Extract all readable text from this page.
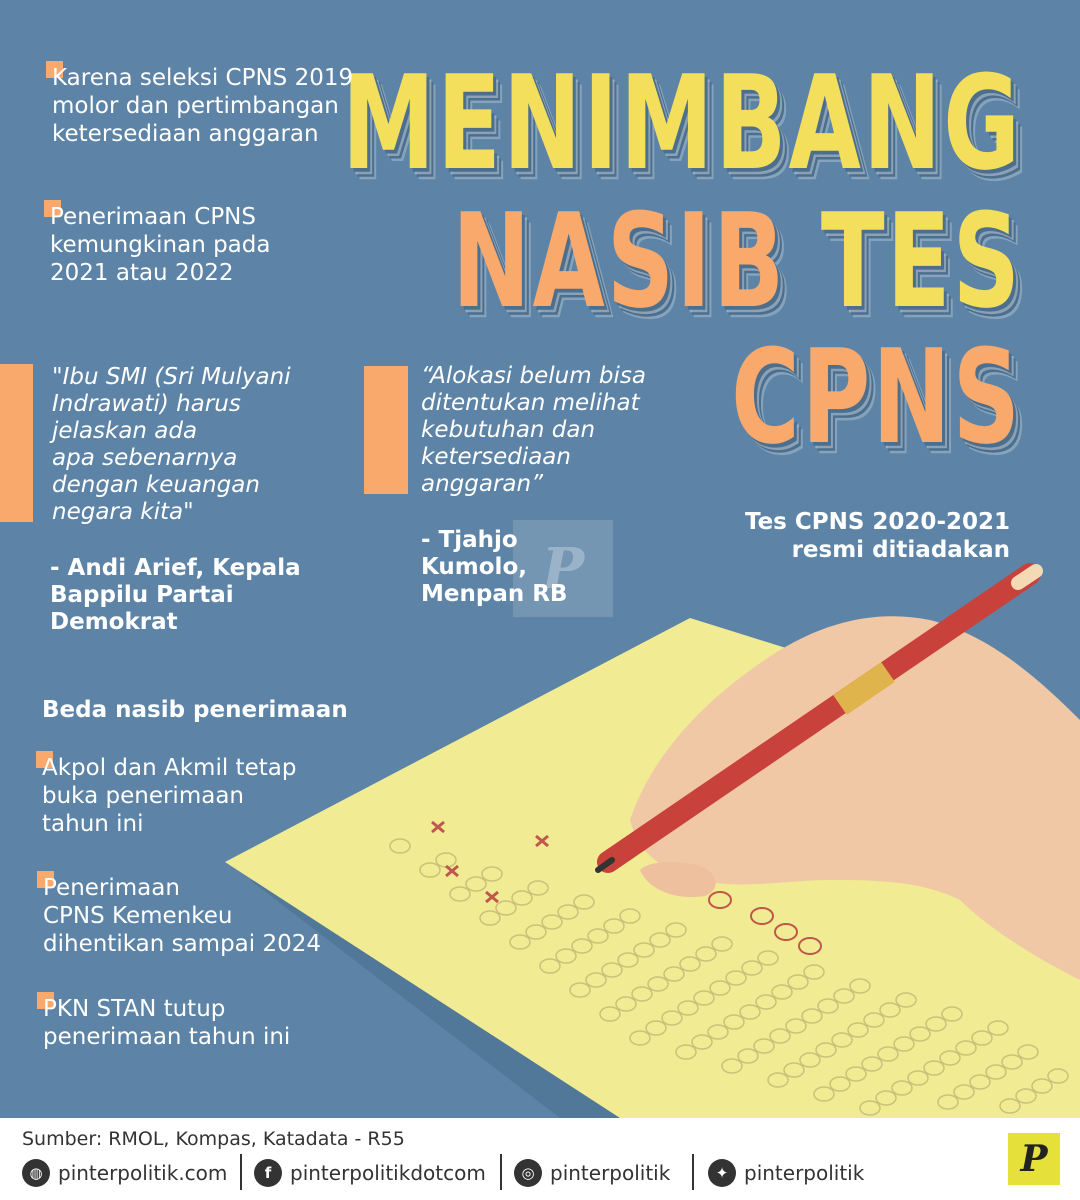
MENIMBANG
NASIB TES
CPNS
Karena seleksi CPNS 2019
molor dan pertimbangan
ketersediaan anggaran
Penerimaan CPNS
kemungkinan pada
2021 atau 2022
"Ibu SMI (Sri Mulyani
Indrawati) harus
jelaskan ada
apa sebenarnya
dengan keuangan
negara kita"
- Andi Arief, Kepala
Bappilu Partai
Demokrat
“Alokasi belum bisa
ditentukan melihat
kebutuhan dan
ketersediaan
anggaran”
- Tjahjo
Kumolo,
Menpan RB
P
Tes CPNS 2020-2021
resmi ditiadakan
Beda nasib penerimaan
Akpol dan Akmil tetap
buka penerimaan
tahun ini
Penerimaan
CPNS Kemenkeu
dihentikan sampai 2024
PKN STAN tutup
penerimaan tahun ini
Sumber: RMOL, Kompas, Katadata - R55
◍ pinterpolitik.com	f pinterpolitikdotcom	◎ pinterpolitik	✦ pinterpolitik	P
